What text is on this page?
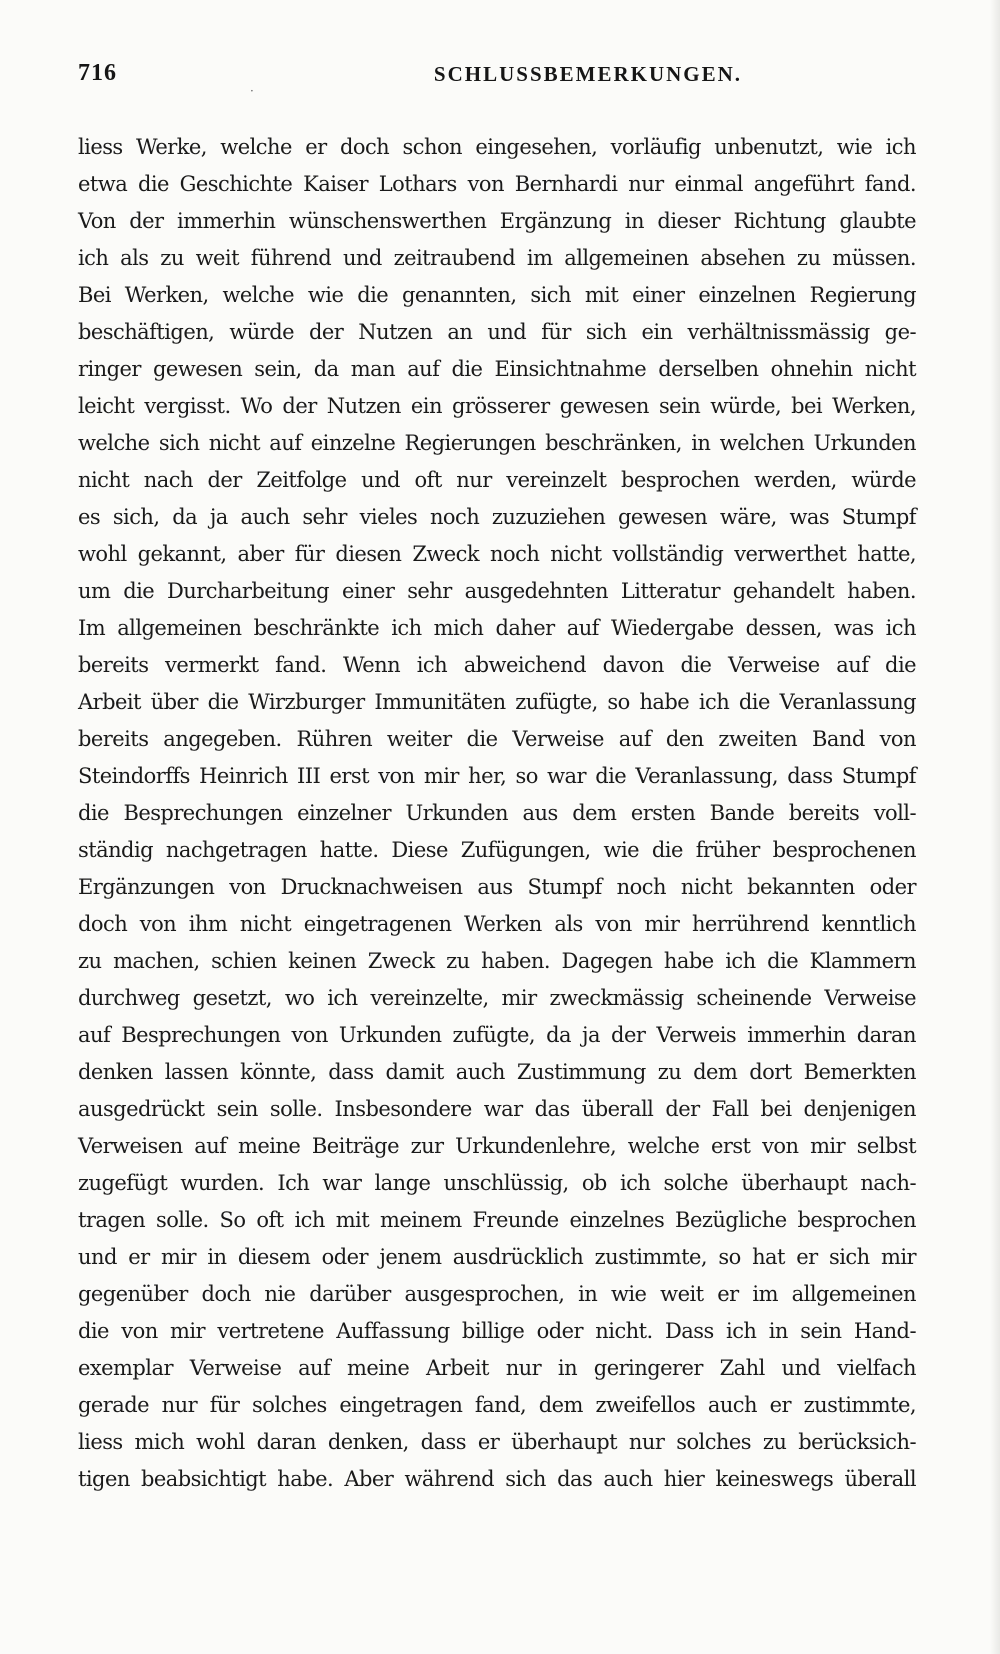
716
·
SCHLUSSBEMERKUNGEN.
liess Werke, welche er doch schon eingesehen, vorläufig unbenutzt, wie ich
etwa die Geschichte Kaiser Lothars von Bernhardi nur einmal angeführt fand.
Von der immerhin wünschenswerthen Ergänzung in dieser Richtung glaubte
ich als zu weit führend und zeitraubend im allgemeinen absehen zu müssen.
Bei Werken, welche wie die genannten, sich mit einer einzelnen Regierung
beschäftigen, würde der Nutzen an und für sich ein verhältnissmässig ge-
ringer gewesen sein, da man auf die Einsichtnahme derselben ohnehin nicht
leicht vergisst. Wo der Nutzen ein grösserer gewesen sein würde, bei Werken,
welche sich nicht auf einzelne Regierungen beschränken, in welchen Urkunden
nicht nach der Zeitfolge und oft nur vereinzelt besprochen werden, würde
es sich, da ja auch sehr vieles noch zuzuziehen gewesen wäre, was Stumpf
wohl gekannt, aber für diesen Zweck noch nicht vollständig verwerthet hatte,
um die Durcharbeitung einer sehr ausgedehnten Litteratur gehandelt haben.
Im allgemeinen beschränkte ich mich daher auf Wiedergabe dessen, was ich
bereits vermerkt fand. Wenn ich abweichend davon die Verweise auf die
Arbeit über die Wirzburger Immunitäten zufügte, so habe ich die Veranlassung
bereits angegeben. Rühren weiter die Verweise auf den zweiten Band von
Steindorffs Heinrich III erst von mir her, so war die Veranlassung, dass Stumpf
die Besprechungen einzelner Urkunden aus dem ersten Bande bereits voll-
ständig nachgetragen hatte. Diese Zufügungen, wie die früher besprochenen
Ergänzungen von Drucknachweisen aus Stumpf noch nicht bekannten oder
doch von ihm nicht eingetragenen Werken als von mir herrührend kenntlich
zu machen, schien keinen Zweck zu haben. Dagegen habe ich die Klammern
durchweg gesetzt, wo ich vereinzelte, mir zweckmässig scheinende Verweise
auf Besprechungen von Urkunden zufügte, da ja der Verweis immerhin daran
denken lassen könnte, dass damit auch Zustimmung zu dem dort Bemerkten
ausgedrückt sein solle. Insbesondere war das überall der Fall bei denjenigen
Verweisen auf meine Beiträge zur Urkundenlehre, welche erst von mir selbst
zugefügt wurden. Ich war lange unschlüssig, ob ich solche überhaupt nach-
tragen solle. So oft ich mit meinem Freunde einzelnes Bezügliche besprochen
und er mir in diesem oder jenem ausdrücklich zustimmte, so hat er sich mir
gegenüber doch nie darüber ausgesprochen, in wie weit er im allgemeinen
die von mir vertretene Auffassung billige oder nicht. Dass ich in sein Hand-
exemplar Verweise auf meine Arbeit nur in geringerer Zahl und vielfach
gerade nur für solches eingetragen fand, dem zweifellos auch er zustimmte,
liess mich wohl daran denken, dass er überhaupt nur solches zu berücksich-
tigen beabsichtigt habe. Aber während sich das auch hier keineswegs überall
